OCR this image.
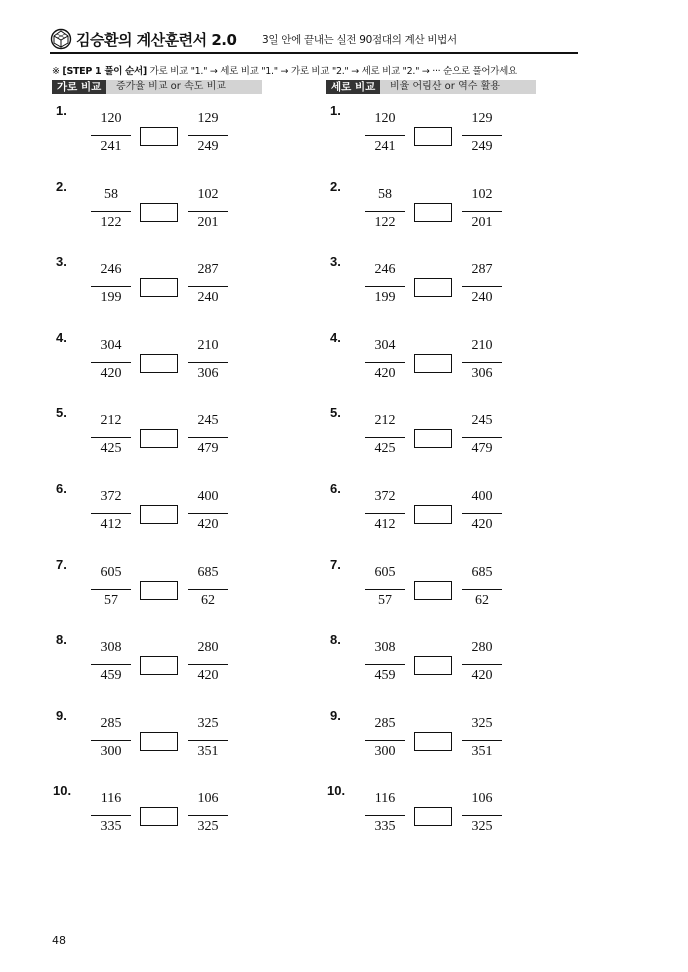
김승환의 계산훈련서 2.0 3일 안에 끝내는 실전 90점대의 계산 비법서
※ [STEP 1 풀이 순서] 가로 비교 "1." → 세로 비교 "1." → 가로 비교 "2." → 세로 비교 "2." → ··· 순으로 풀어가세요
가로 비교	증가율 비교 or 속도 비교	세로 비교	비율 어림산 or 역수 활용
1.
120
241
129
249
1.
120
241
129
249
2.
58
122
102
201
2.
58
122
102
201
3.
246
199
287
240
3.
246
199
287
240
4.
304
420
210
306
4.
304
420
210
306
5.
212
425
245
479
5.
212
425
245
479
6.
372
412
400
420
6.
372
412
400
420
7.
605
57
685
62
7.
605
57
685
62
8.
308
459
280
420
8.
308
459
280
420
9.
285
300
325
351
9.
285
300
325
351
10.
116
335
106
325
10.
116
335
106
325
48
